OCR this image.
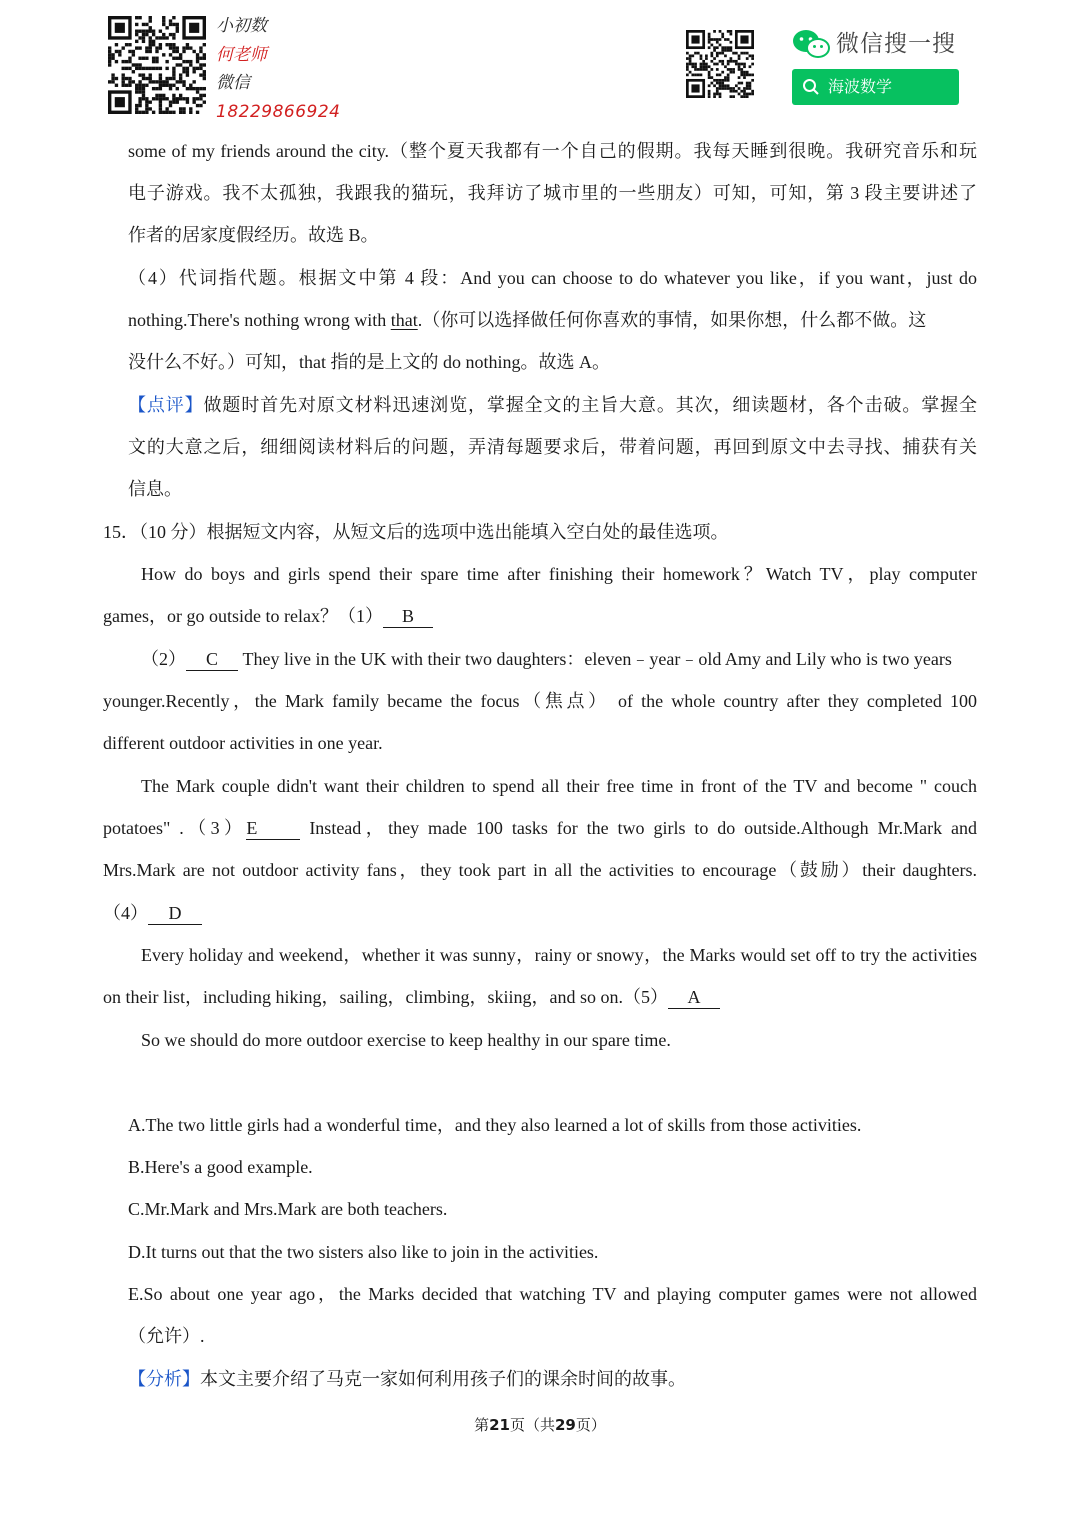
小初数
何老师
微信
18229866924
微信搜一搜
海波数学
some of my friends around the city.（整个夏天我都有一个自己的假期。我每天睡到很晚。我研究音乐和玩
电子游戏。我不太孤独，我跟我的猫玩，我拜访了城市里的一些朋友）可知，可知，第 3 段主要讲述了
作者的居家度假经历。故选 B。
（4）代词指代题。根据文中第 4 段：And you can choose to do whatever you like，if you want，just do
nothing.There's nothing wrong with that.（你可以选择做任何你喜欢的事情，如果你想，什么都不做。这
没什么不好。）可知，that 指的是上文的 do nothing。故选 A。
【点评】做题时首先对原文材料迅速浏览，掌握全文的主旨大意。其次，细读题材，各个击破。掌握全
文的大意之后，细细阅读材料后的问题，弄清每题要求后，带着问题，再回到原文中去寻找、捕获有关
信息。
15．（10 分）根据短文内容，从短文后的选项中选出能填入空白处的最佳选项。
How do boys and girls spend their spare time after finishing their homework？Watch TV，play computer
games，or go outside to relax？（1） B
（2） C They live in the UK with their two daughters：eleven﹣year﹣old Amy and Lily who is two years
younger.Recently，the Mark family became the focus（焦点） of the whole country after they completed 100
different outdoor activities in one year.
The Mark couple didn't want their children to spend all their free time in front of the TV and become " couch
potatoes" .（3）E Instead，they made 100 tasks for the two girls to do outside.Although Mr.Mark and
Mrs.Mark are not outdoor activity fans，they took part in all the activities to encourage（鼓励）their daughters.
（4） D
Every holiday and weekend，whether it was sunny，rainy or snowy，the Marks would set off to try the activities
on their list，including hiking，sailing，climbing，skiing，and so on.（5） A
So we should do more outdoor exercise to keep healthy in our spare time.
A.The two little girls had a wonderful time，and they also learned a lot of skills from those activities.
B.Here's a good example.
C.Mr.Mark and Mrs.Mark are both teachers.
D.It turns out that the two sisters also like to join in the activities.
E.So about one year ago，the Marks decided that watching TV and playing computer games were not allowed
（允许）.
【分析】本文主要介绍了马克一家如何利用孩子们的课余时间的故事。
第21页（共29页）
